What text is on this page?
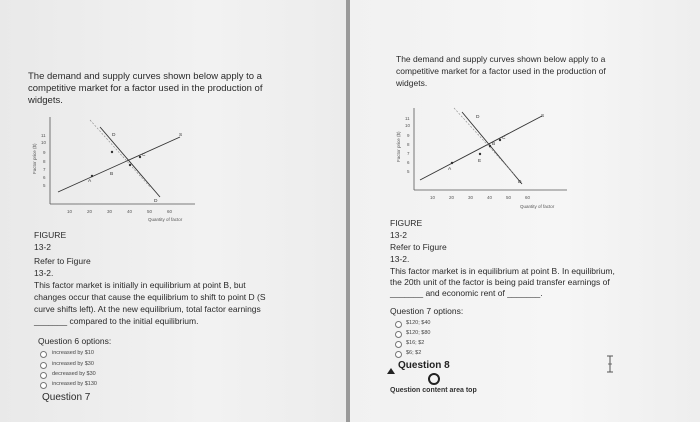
The demand and supply curves shown below apply to a
competitive market for a factor used in the production of
widgets.
Factor price ($)
11
10
9
8
7
6
5
10	20	30	40	50	60
Quantity of factor
D	S
C
B
A
D
FIGURE
13-2
Refer to Figure
13-2.
This factor market is initially in equilibrium at point B, but
changes occur that cause the equilibrium to shift to point D (S
curve shifts left). At the new equilibrium, total factor earnings
_______ compared to the initial equilibrium.
Question 6 options:
increased by $10
increased by $30
decreased by $30
increased by $130
Question 7
The demand and supply curves shown below apply to a
competitive market for a factor used in the production of
widgets.
Factor price ($)
11
10
9
8
7
6
5
10	20	30	40	50	60
Quantity of factor
D	S
C
B
E
A
D
FIGURE
13-2
Refer to Figure
13-2.
This factor market is in equilibrium at point B. In equilibrium,
the 20th unit of the factor is being paid transfer earnings of
_______ and economic rent of _______.
Question 7 options:
$120; $40
$120; $80
$16; $2
$6; $2
Question 8
Question content area top
